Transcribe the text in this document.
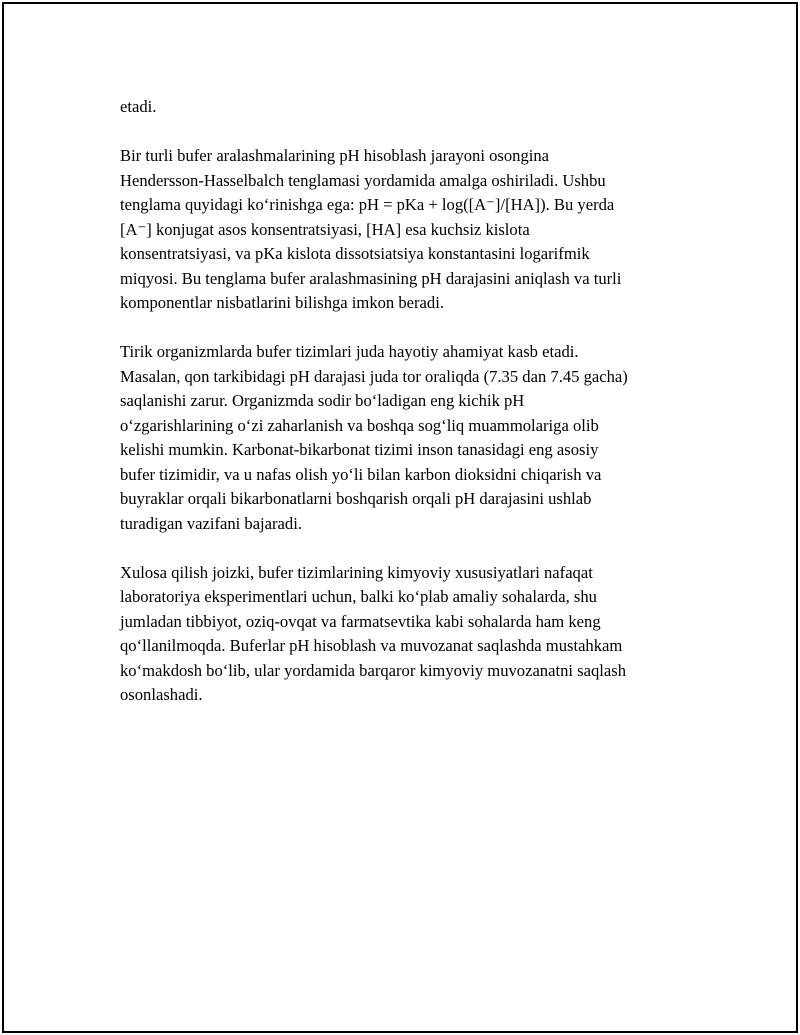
etadi.

Bir turli bufer aralashmalarining pH hisoblash jarayoni osongina
Hendersson-Hasselbalch tenglamasi yordamida amalga oshiriladi. Ushbu
tenglama quyidagi koʻrinishga ega: pH = pKa + log([A⁻]/[HA]). Bu yerda
[A⁻] konjugat asos konsentratsiyasi, [HA] esa kuchsiz kislota
konsentratsiyasi, va pKa kislota dissotsiatsiya konstantasini logarifmik
miqyosi. Bu tenglama bufer aralashmasining pH darajasini aniqlash va turli
komponentlar nisbatlarini bilishga imkon beradi.

Tirik organizmlarda bufer tizimlari juda hayotiy ahamiyat kasb etadi.
Masalan, qon tarkibidagi pH darajasi juda tor oraliqda (7.35 dan 7.45 gacha)
saqlanishi zarur. Organizmda sodir boʻladigan eng kichik pH
oʻzgarishlarining oʻzi zaharlanish va boshqa sogʻliq muammolariga olib
kelishi mumkin. Karbonat-bikarbonat tizimi inson tanasidagi eng asosiy
bufer tizimidir, va u nafas olish yoʻli bilan karbon dioksidni chiqarish va
buyraklar orqali bikarbonatlarni boshqarish orqali pH darajasini ushlab
turadigan vazifani bajaradi.

Xulosa qilish joizki, bufer tizimlarining kimyoviy xususiyatlari nafaqat
laboratoriya eksperimentlari uchun, balki koʻplab amaliy sohalarda, shu
jumladan tibbiyot, oziq-ovqat va farmatsevtika kabi sohalarda ham keng
qoʻllanilmoqda. Buferlar pH hisoblash va muvozanat saqlashda mustahkam
koʻmakdosh boʻlib, ular yordamida barqaror kimyoviy muvozanatni saqlash
osonlashadi.
